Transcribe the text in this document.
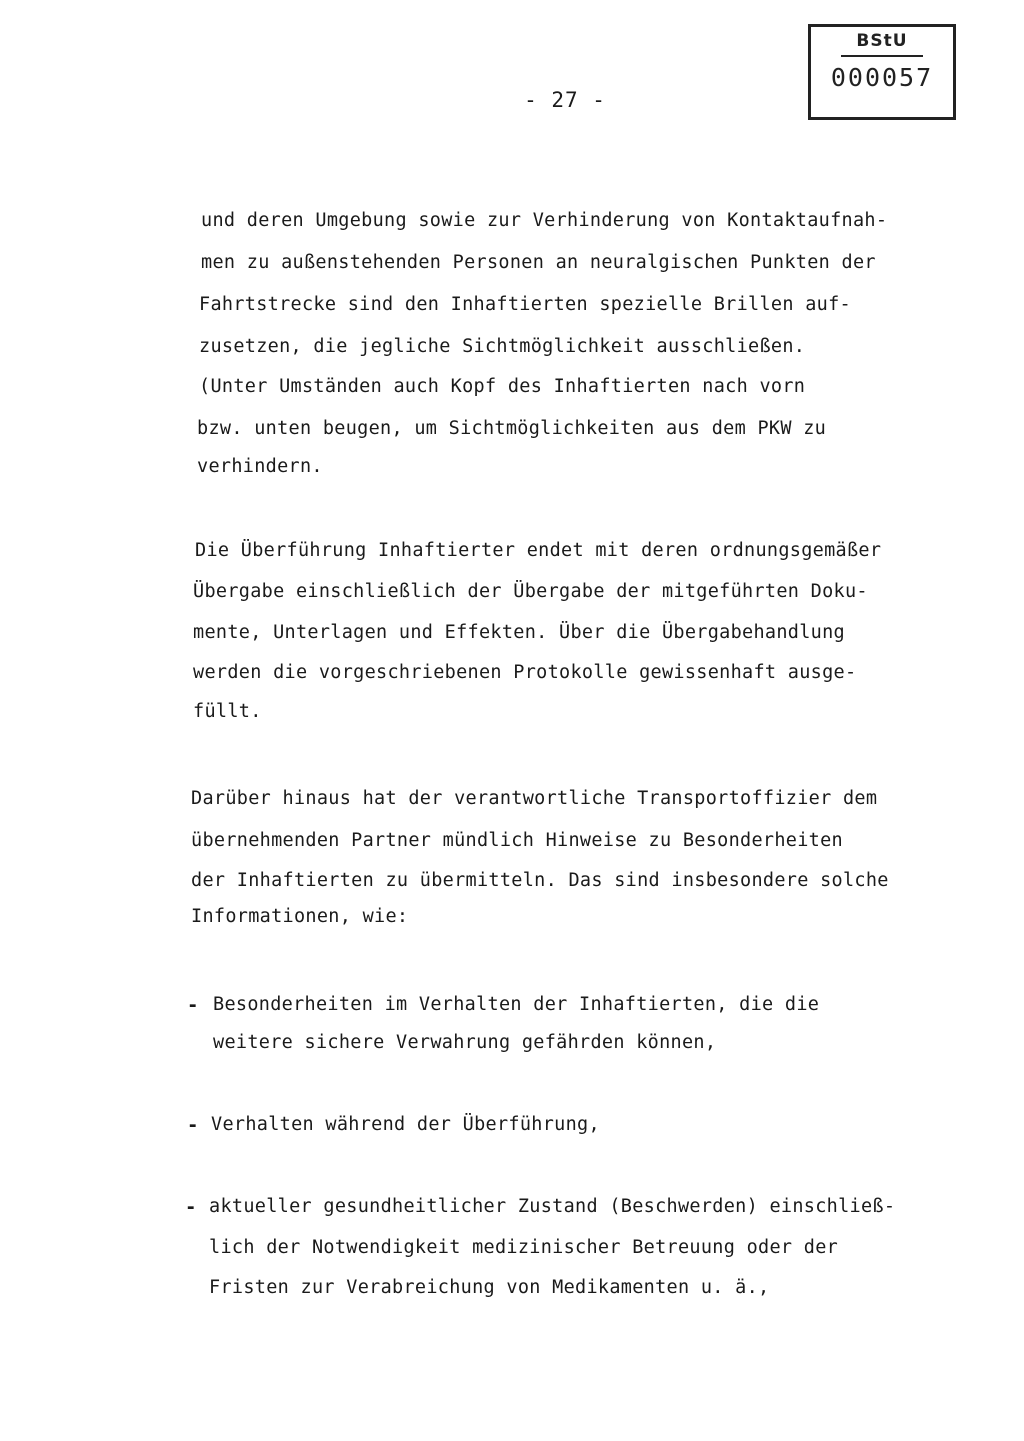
BStU
000057
- 27 -
und deren Umgebung sowie zur Verhinderung von Kontaktaufnah-
men zu außenstehenden Personen an neuralgischen Punkten der
Fahrtstrecke sind den Inhaftierten spezielle Brillen auf-
zusetzen, die jegliche Sichtmöglichkeit ausschließen.
(Unter Umständen auch Kopf des Inhaftierten nach vorn
bzw. unten beugen, um Sichtmöglichkeiten aus dem PKW zu
verhindern.
Die Überführung Inhaftierter endet mit deren ordnungsgemäßer
Übergabe einschließlich der Übergabe der mitgeführten Doku-
mente, Unterlagen und Effekten. Über die Übergabehandlung
werden die vorgeschriebenen Protokolle gewissenhaft ausge-
füllt.
Darüber hinaus hat der verantwortliche Transportoffizier dem
übernehmenden Partner mündlich Hinweise zu Besonderheiten
der Inhaftierten zu übermitteln. Das sind insbesondere solche
Informationen, wie:
- Besonderheiten im Verhalten der Inhaftierten, die die
weitere sichere Verwahrung gefährden können,
- Verhalten während der Überführung,
- aktueller gesundheitlicher Zustand (Beschwerden) einschließ-
lich der Notwendigkeit medizinischer Betreuung oder der
Fristen zur Verabreichung von Medikamenten u. ä.,
